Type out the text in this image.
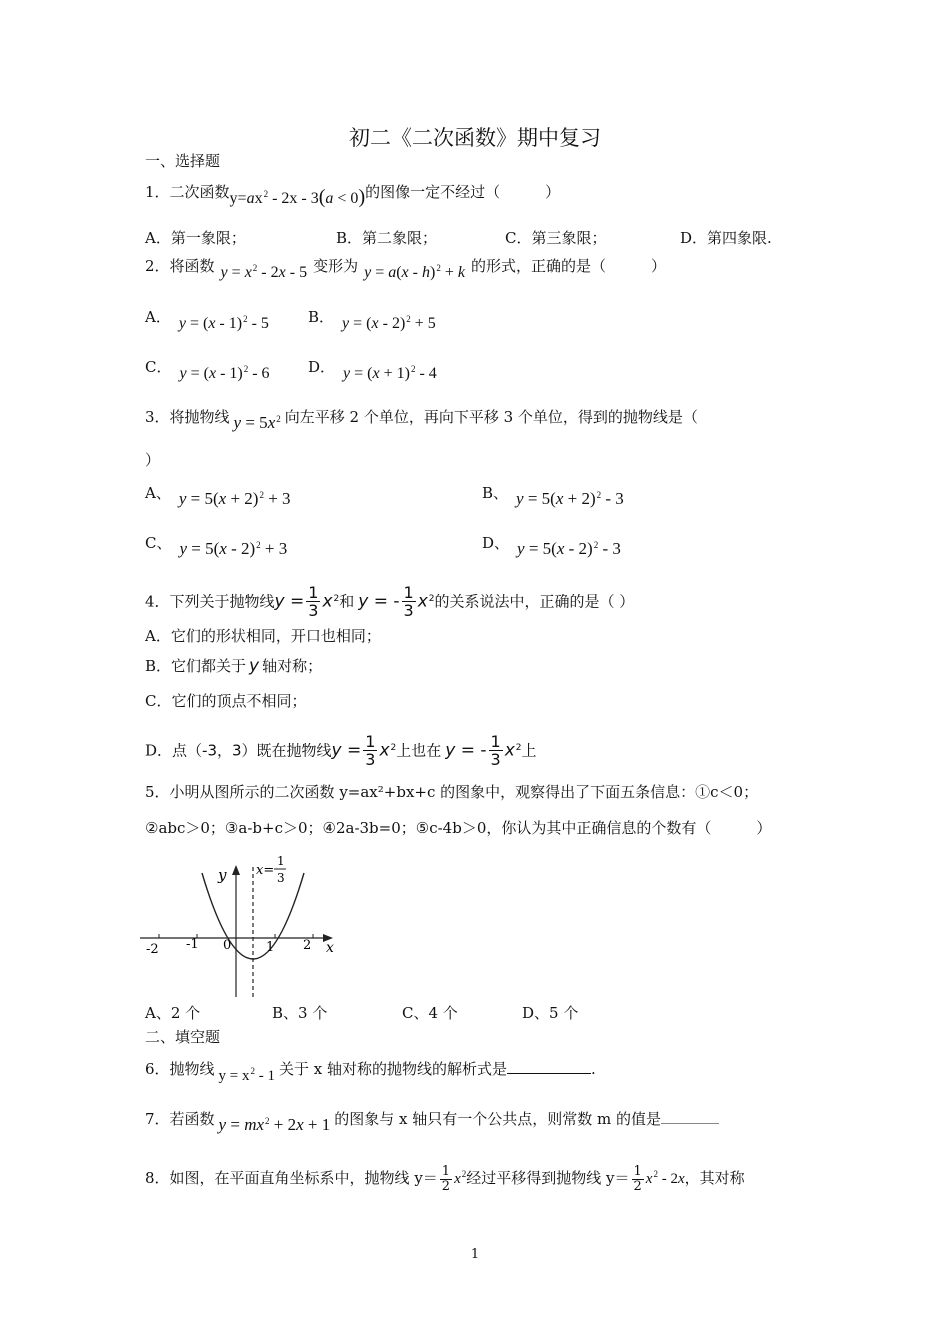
初二《二次函数》期中复习
一、选择题
1．二次函数$y=ax^2 - 2x - 3(a < 0)$的图像一定不经过（　　　）
A．第一象限；	B．第二象限；	C．第三象限；	D．第四象限.
2．将函数 $y = x^2 - 2x - 5$ 变形为 y = a(x - h)$^2$ + k 的形式，正确的是（　　　）
A． y = (x - 1)$^2$ - 5	B． y = (x - 2)$^2$ + 5
C． y = (x - 1)$^2$ - 6	D． $y = (x + 1)^2 - 4$
3．将抛物线 $y = 5x^2$ 向左平移 2 个单位，再向下平移 3 个单位，得到的抛物线是（
）
A、 $y = 5(x + 2)^2 + 3$	B、 $y = 5(x + 2)^2 - 3$
C、 y = 5(x - 2)$^2$ + 3	D、 y = 5(x - 2)$^2$ - 3
4．下列关于抛物线$y = \frac{1}{3} x^2$和 y = - $\frac{1}{3} x^2$的关系说法中，正确的是（ ）
A．它们的形状相同，开口也相同；
B．它们都关于 y 轴对称；
C．它们的顶点不相同；
D．点（-3，3）既在抛物线$y = \frac{1}{3} x^2$上也在 y = - $\frac{1}{3} x^2$上
5．小明从图所示的二次函数 y=ax²+bx+c 的图象中，观察得出了下面五条信息：①c＜0；
②abc＞0；③a-b+c＞0；④2a-3b=0；⑤c-4b＞0，你认为其中正确信息的个数有（　　　）
-2 -1 0	1 2 x
y x=
1
3
A、2 个	B、3 个	C、4 个	D、5 个
二、填空题
6．抛物线 $y = x^2 - 1$ 关于 x 轴对称的抛物线的解析式是	.
7．若函数 $y = mx^2 + 2x + 1$ 的图象与 x 轴只有一个公共点，则常数 m 的值是
8．如图，在平面直角坐标系中，抛物线 $y= \frac{1}{2} x^2$经过平移得到抛物线 $y= \frac{1}{2} x^2 - 2x$，其对称
1
